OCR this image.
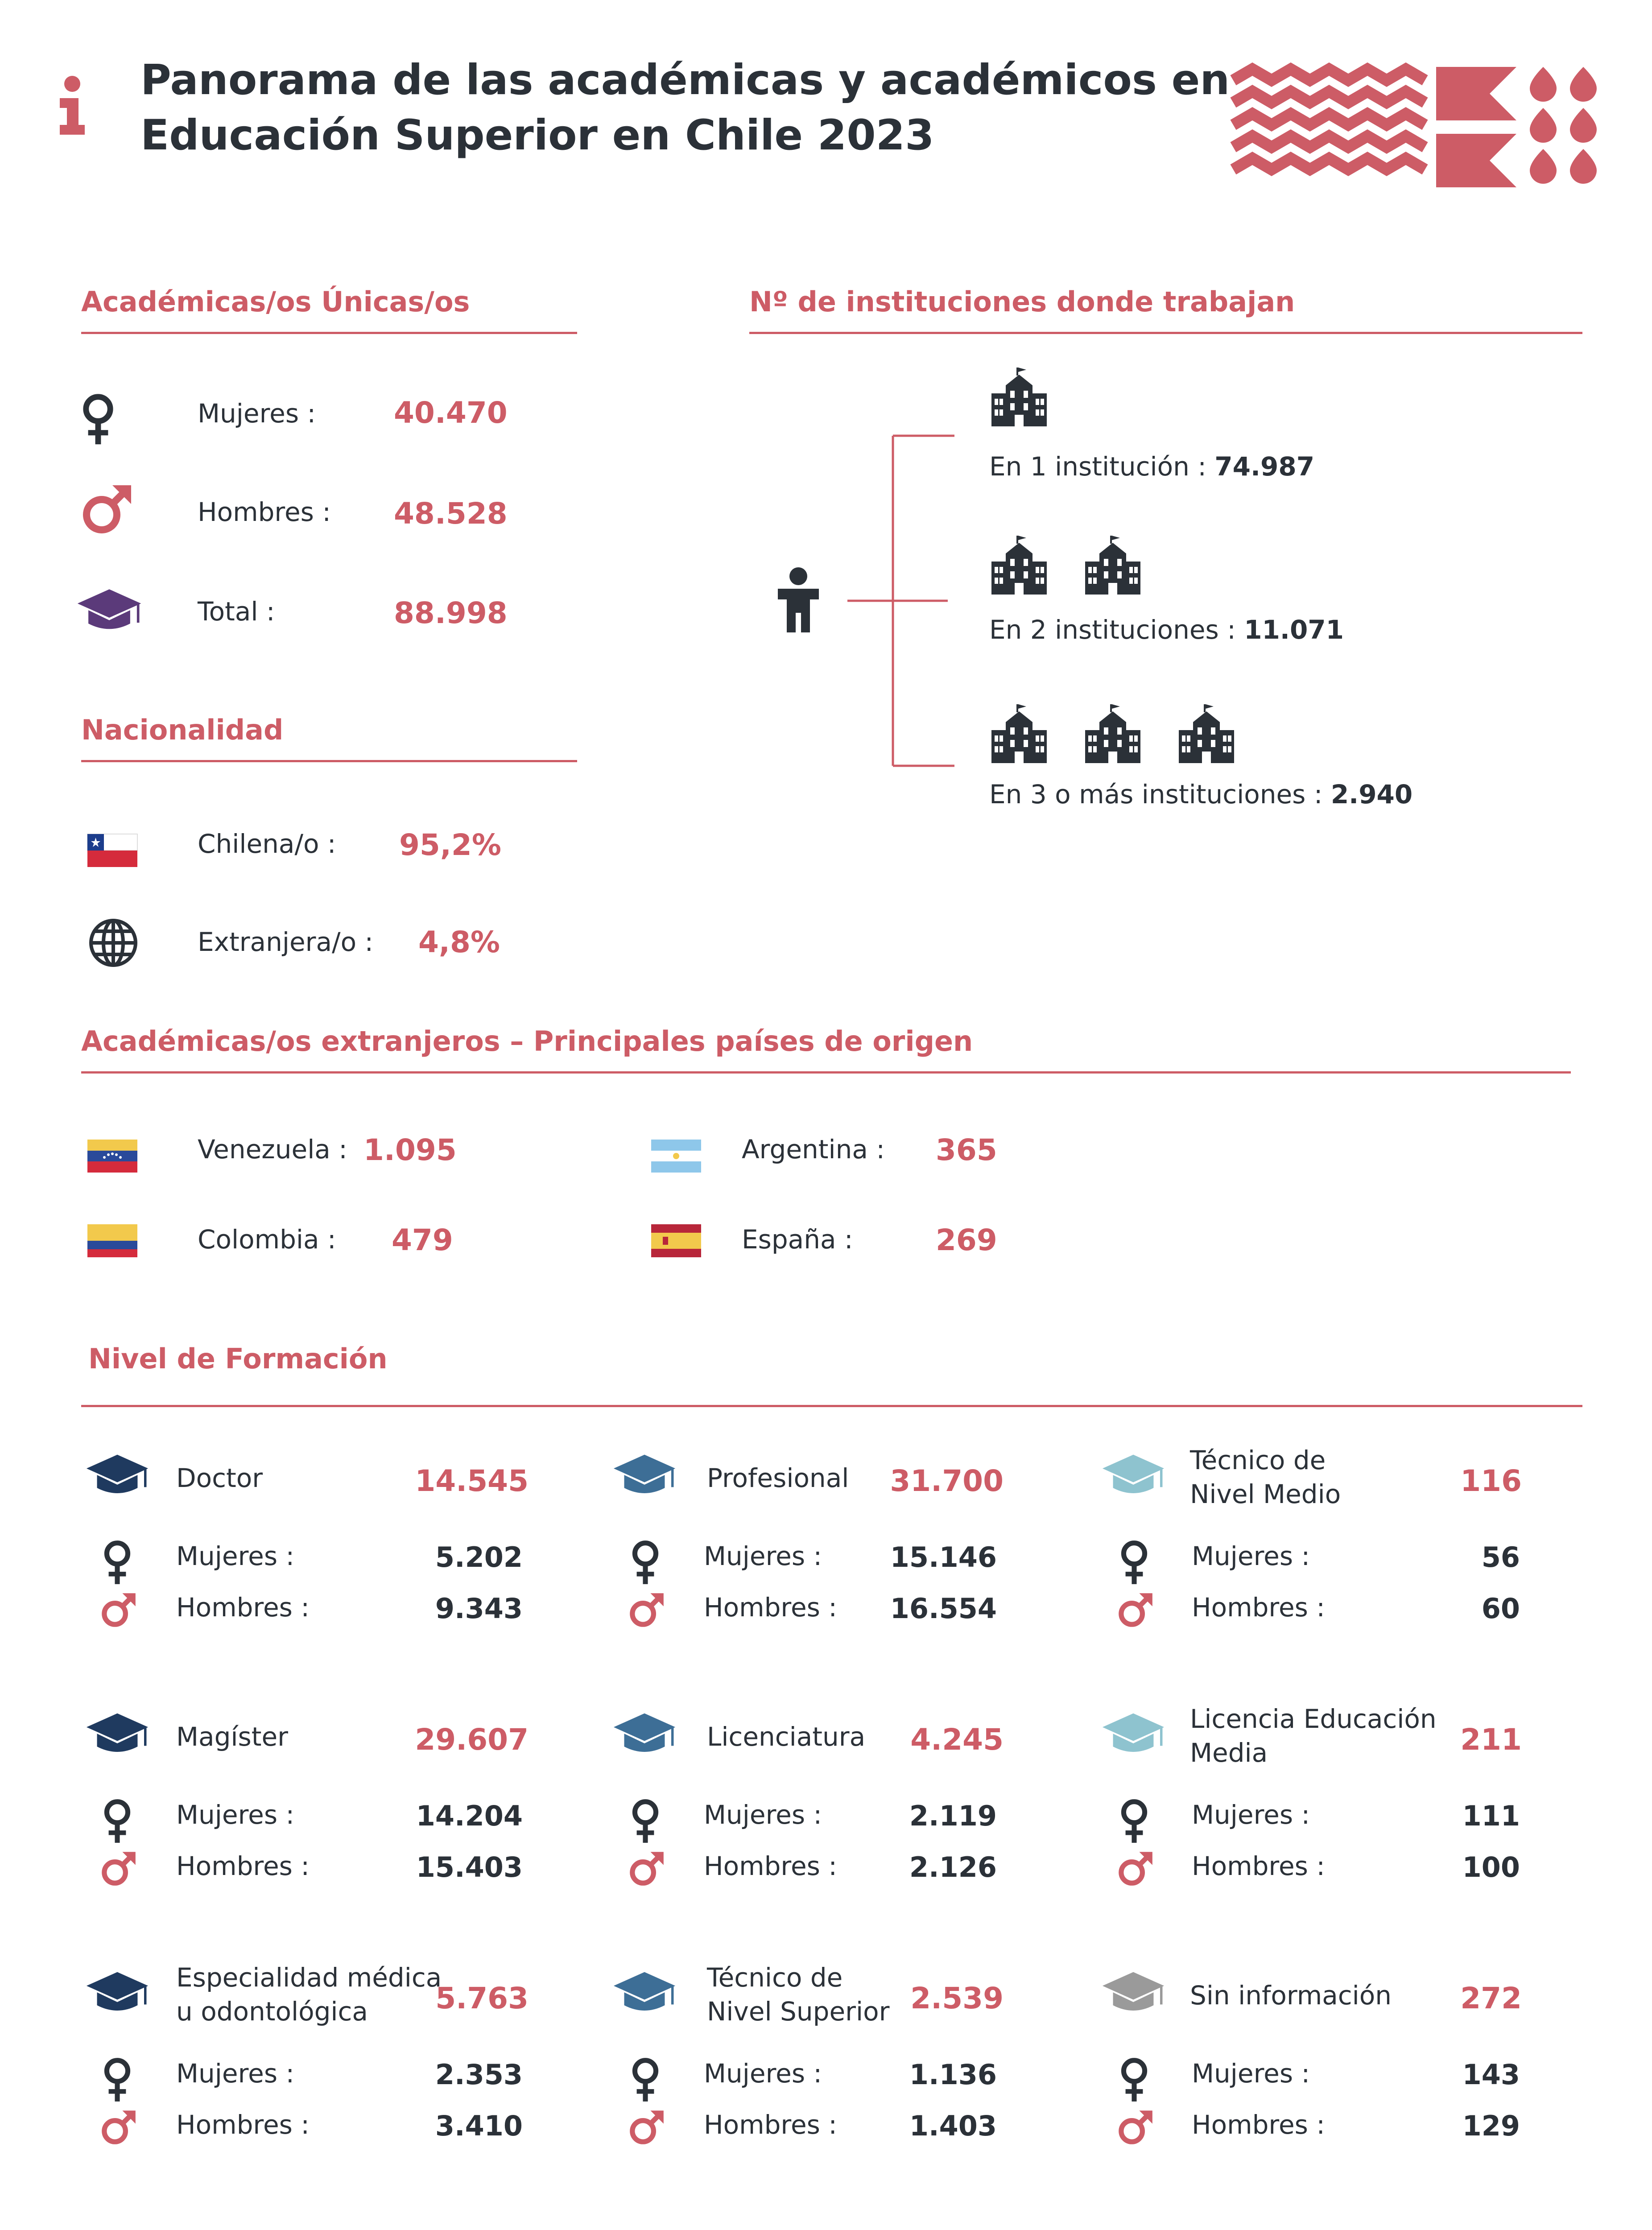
Panorama de las académicas y académicos en
Educación Superior en Chile 2023
Académicas/os Únicas/os
Mujeres :	40.470
Hombres : 48.528
Total :	88.998
Nacionalidad
Chilena/o : 95,2%
Extranjera/o : 4,8%
Nº de instituciones donde trabajan
En 1 institución : 74.987
En 2 instituciones : 11.071
En 3 o más instituciones : 2.940
Académicas/os extranjeros – Principales países de origen
Venezuela : 1.095
Colombia : 479
Argentina : 365
España :	269
Nivel de Formación
Doctor	14.545
Mujeres :	5.202
Hombres :	9.343
Profesional 31.700
Mujeres : 15.146
Hombres : 16.554
Técnico de
Nivel Medio	116
Mujeres :	56
Hombres :	60
Magíster	29.607
Mujeres :	14.204
Hombres :	15.403
Licenciatura 4.245
Mujeres :	2.119
Hombres :	2.126
Licencia Educación
Media	211
Mujeres :	111
Hombres :	100
Especialidad médica
u odontológica 5.763
Mujeres :	2.353
Hombres :	3.410
Técnico de
Nivel Superior 2.539
Mujeres :	1.136
Hombres :	1.403
Sin información 272
Mujeres :	143
Hombres :	129
